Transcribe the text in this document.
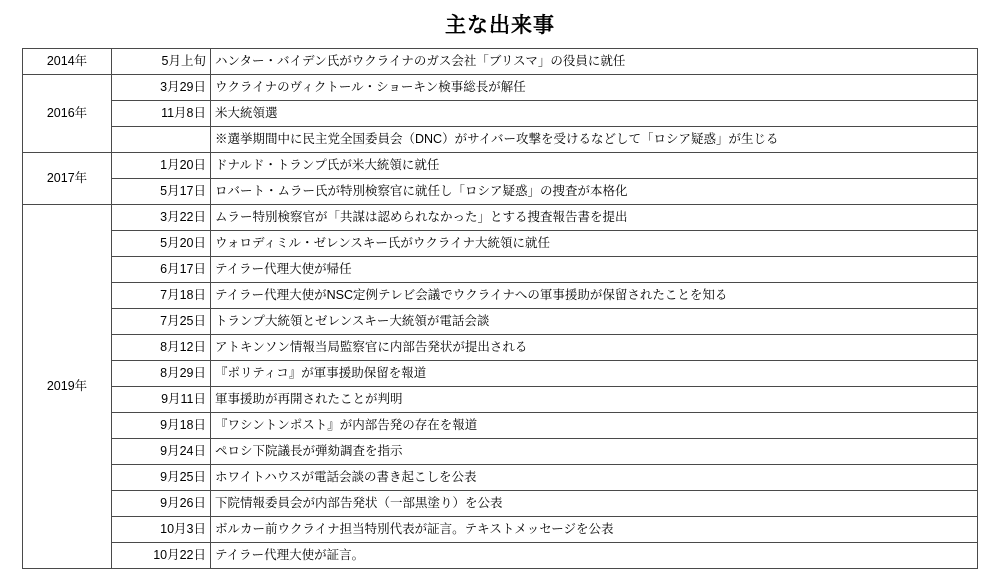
主な出来事
2014年	5月上旬	ハンター・バイデン氏がウクライナのガス会社「ブリスマ」の役員に就任
2016年	3月29日	ウクライナのヴィクトール・ショーキン検事総長が解任
	11月8日	米大統領選
		※選挙期間中に民主党全国委員会（DNC）がサイバー攻撃を受けるなどして「ロシア疑惑」が生じる
2017年	1月20日	ドナルド・トランプ氏が米大統領に就任
	5月17日	ロバート・ムラー氏が特別検察官に就任し「ロシア疑惑」の捜査が本格化
2019年	3月22日	ムラー特別検察官が「共謀は認められなかった」とする捜査報告書を提出
	5月20日	ウォロディミル・ゼレンスキー氏がウクライナ大統領に就任
	6月17日	テイラー代理大使が帰任
	7月18日	テイラー代理大使がNSC定例テレビ会議でウクライナへの軍事援助が保留されたことを知る
	7月25日	トランプ大統領とゼレンスキー大統領が電話会談
	8月12日	アトキンソン情報当局監察官に内部告発状が提出される
	8月29日	『ポリティコ』が軍事援助保留を報道
	9月11日	軍事援助が再開されたことが判明
	9月18日	『ワシントンポスト』が内部告発の存在を報道
	9月24日	ペロシ下院議長が弾劾調査を指示
	9月25日	ホワイトハウスが電話会談の書き起こしを公表
	9月26日	下院情報委員会が内部告発状（一部黒塗り）を公表
	10月3日	ボルカー前ウクライナ担当特別代表が証言。テキストメッセージを公表
	10月22日	テイラー代理大使が証言。
